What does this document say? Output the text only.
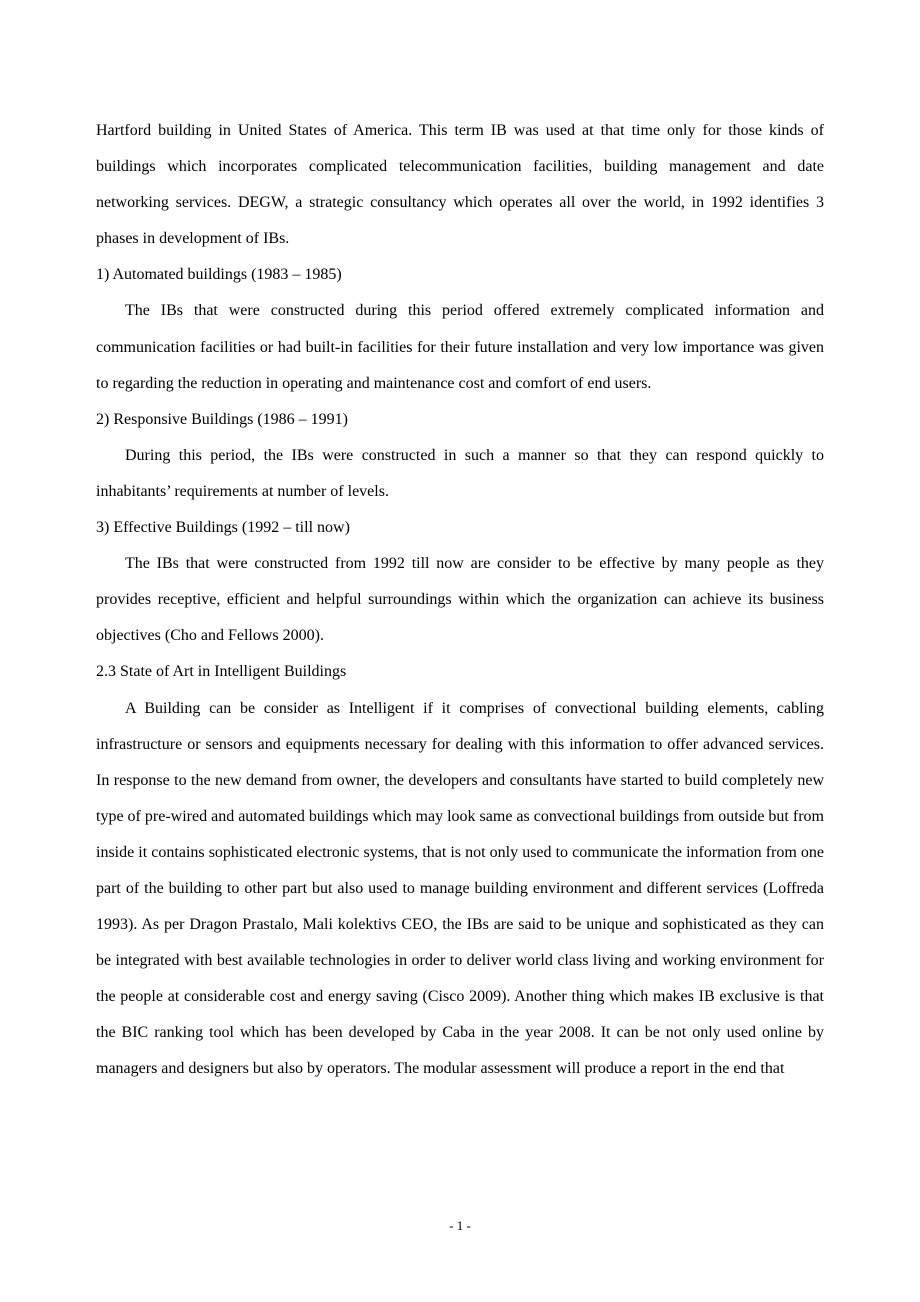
Hartford building in United States of America. This term IB was used at that time only for those kinds of buildings which incorporates complicated telecommunication facilities, building management and date networking services. DEGW, a strategic consultancy which operates all over the world, in 1992 identifies 3 phases in development of IBs.

1) Automated buildings (1983 – 1985)

The IBs that were constructed during this period offered extremely complicated information and communication facilities or had built-in facilities for their future installation and very low importance was given to regarding the reduction in operating and maintenance cost and comfort of end users.

2) Responsive Buildings (1986 – 1991)

During this period, the IBs were constructed in such a manner so that they can respond quickly to inhabitants’ requirements at number of levels.

3) Effective Buildings (1992 – till now)

The IBs that were constructed from 1992 till now are consider to be effective by many people as they provides receptive, efficient and helpful surroundings within which the organization can achieve its business objectives (Cho and Fellows 2000).

2.3 State of Art in Intelligent Buildings

A Building can be consider as Intelligent if it comprises of convectional building elements, cabling infrastructure or sensors and equipments necessary for dealing with this information to offer advanced services. In response to the new demand from owner, the developers and consultants have started to build completely new type of pre-wired and automated buildings which may look same as convectional buildings from outside but from inside it contains sophisticated electronic systems, that is not only used to communicate the information from one part of the building to other part but also used to manage building environment and different services (Loffreda 1993). As per Dragon Prastalo, Mali kolektivs CEO, the IBs are said to be unique and sophisticated as they can be integrated with best available technologies in order to deliver world class living and working environment for the people at considerable cost and energy saving (Cisco 2009). Another thing which makes IB exclusive is that the BIC ranking tool which has been developed by Caba in the year 2008. It can be not only used online by managers and designers but also by operators. The modular assessment will produce a report in the end that

- 1 -
